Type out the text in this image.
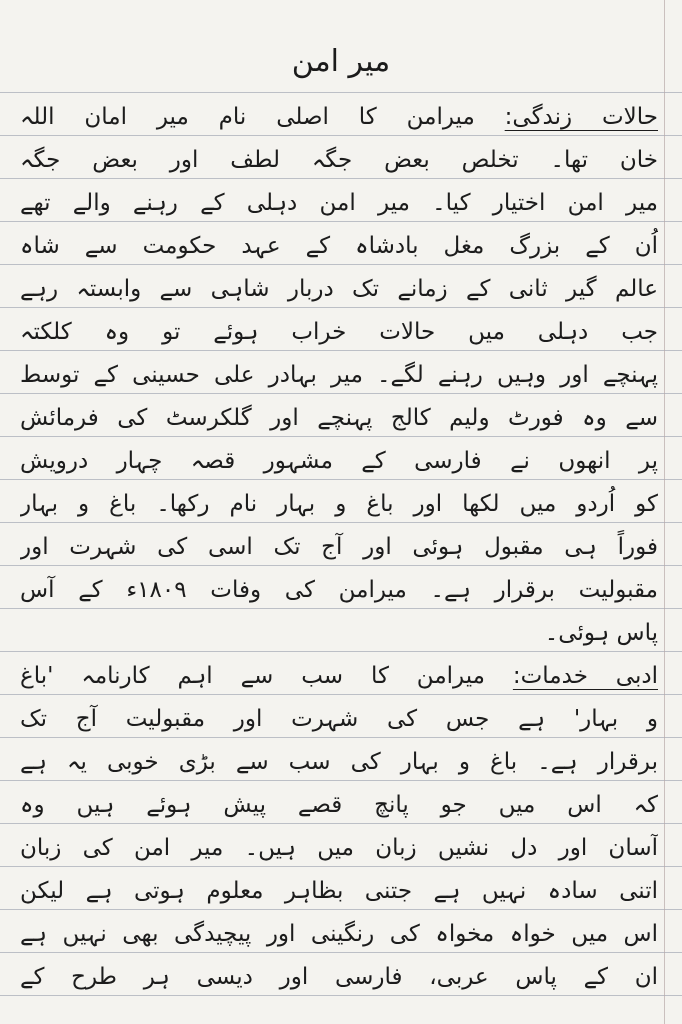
میر امن
حالات زندگی: میرامن کا اصلی نام میر امان اللہ
خان تھا۔ تخلص بعض جگہ لطف اور بعض جگہ
میر امن اختیار کیا۔ میر امن دہلی کے رہنے والے تھے
اُن کے بزرگ مغل بادشاہ کے عہد حکومت سے شاہ
عالم گیر ثانی کے زمانے تک دربار شاہی سے وابستہ رہے
جب دہلی میں حالات خراب ہوئے تو وہ کلکتہ
پہنچے اور وہیں رہنے لگے۔ میر بہادر علی حسینی کے توسط
سے وہ فورٹ ولیم کالج پہنچے اور گلکرسٹ کی فرمائش
پر انھوں نے فارسی کے مشہور قصہ چہار درویش
کو اُردو میں لکھا اور باغ و بہار نام رکھا۔ باغ و بہار
فوراً ہی مقبول ہوئی اور آج تک اسی کی شہرت اور
مقبولیت برقرار ہے۔ میرامن کی وفات ۱۸۰۹ء کے آس
پاس ہوئی۔
ادبی خدمات: میرامن کا سب سے اہم کارنامہ 'باغ
و بہار' ہے جس کی شہرت اور مقبولیت آج تک
برقرار ہے۔ باغ و بہار کی سب سے بڑی خوبی یہ ہے
کہ اس میں جو پانچ قصے پیش ہوئے ہیں وہ
آسان اور دل نشیں زبان میں ہیں۔ میر امن کی زبان
اتنی سادہ نہیں ہے جتنی بظاہر معلوم ہوتی ہے لیکن
اس میں خواہ مخواہ کی رنگینی اور پیچیدگی بھی نہیں ہے
ان کے پاس عربی، فارسی اور دیسی ہر طرح کے
